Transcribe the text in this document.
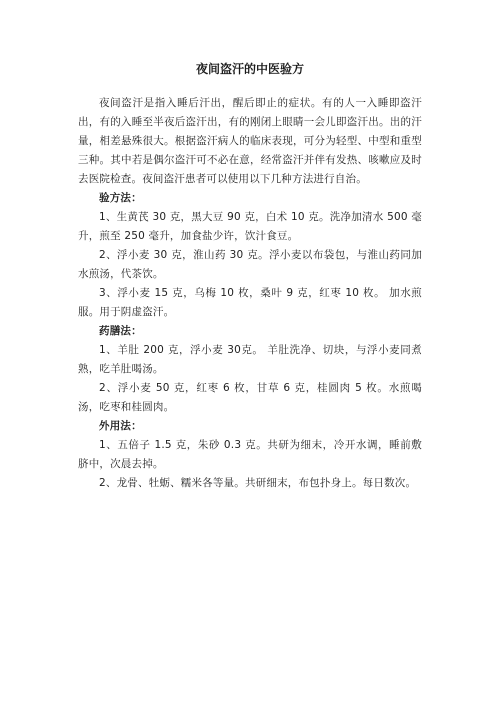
夜间盗汗的中医验方

夜间盗汗是指入睡后汗出，醒后即止的症状。有的人一入睡即盗汗出，有的入睡至半夜后盗汗出，有的刚闭上眼睛一会儿即盗汗出。出的汗量，相差悬殊很大。根据盗汗病人的临床表现，可分为轻型、中型和重型三种。其中若是偶尔盗汗可不必在意，经常盗汗并伴有发热、咳嗽应及时去医院检查。夜间盗汗患者可以使用以下几种方法进行自治。

验方法：

1、生黄芪 30 克，黑大豆 90 克，白术 10 克。洗净加清水 500 毫升，煎至 250 毫升，加食盐少许，饮汁食豆。

2、浮小麦 30 克，淮山药 30 克。浮小麦以布袋包，与淮山药同加水煎汤，代茶饮。

3、浮小麦 15 克，乌梅 10 枚，桑叶 9 克，红枣 10 枚。 加水煎服。用于阴虚盗汗。

药膳法：

1、羊肚 200 克，浮小麦 30克。 羊肚洗净、切块，与浮小麦同煮熟，吃羊肚喝汤。

2、浮小麦 50 克，红枣 6 枚，甘草 6 克，桂圆肉 5 枚。水煎喝汤，吃枣和桂圆肉。

外用法：

1、五倍子 1.5 克，朱砂 0.3 克。共研为细末，冷开水调，睡前敷脐中，次晨去掉。

2、龙骨、牡蛎、糯米各等量。共研细末，布包扑身上。每日数次。
